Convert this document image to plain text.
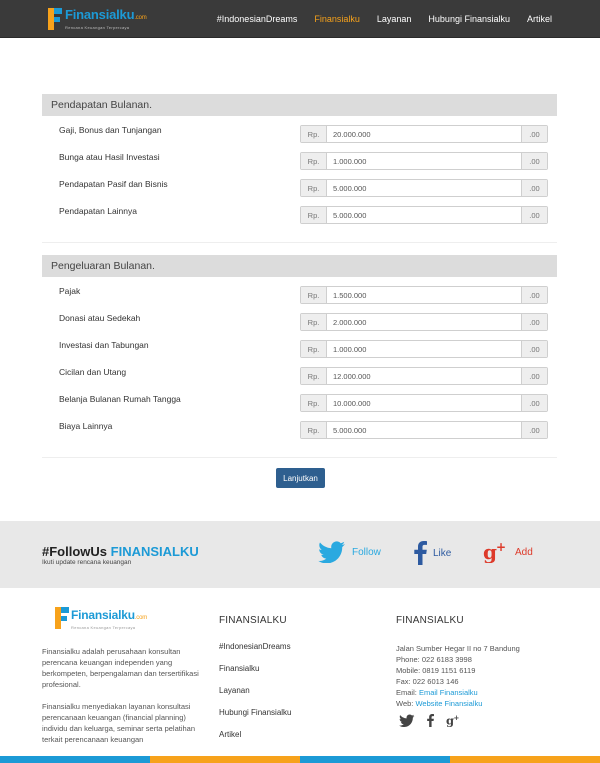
Finansialku.com
Rencana Keuangan Terpercaya
#IndonesianDreams Finansialku Layanan Hubungi Finansialku Artikel
Pendapatan Bulanan.
Gaji, Bonus dan Tunjangan	Rp.	20.000.000	.00
Bunga atau Hasil Investasi	Rp.	1.000.000	.00
Pendapatan Pasif dan Bisnis	Rp.	5.000.000	.00
Pendapatan Lainnya	Rp.	5.000.000	.00
Pengeluaran Bulanan.
Pajak	Rp.	1.500.000	.00
Donasi atau Sedekah	Rp.	2.000.000	.00
Investasi dan Tabungan	Rp.	1.000.000	.00
Cicilan dan Utang	Rp.	12.000.000	.00
Belanja Bulanan Rumah Tangga	Rp.	10.000.000	.00
Biaya Lainnya	Rp.	5.000.000	.00
Lanjutkan
#FollowUs FINANSIALKU
Ikuti update rencana keuangan
Follow	Like g + Add
Finansialku.com
Rencana Keuangan Terpercaya
Finansialku adalah perusahaan konsultan perencana keuangan independen yang berkompeten, berpengalaman dan tersertifikasi profesional.
Finansialku menyediakan layanan konsultasi perencanaan keuangan (financial planning) individu dan keluarga, seminar serta pelatihan terkait perencanaan keuangan
FINANSIALKU
#IndonesianDreams
Finansialku
Layanan
Hubungi Finansialku
Artikel
FINANSIALKU
Jalan Sumber Hegar II no 7 Bandung
Phone: 022 6183 3998
Mobile: 0819 1151 6119
Fax: 022 6013 146
Email: Email Finansialku
Web: Website Finansialku
g +
